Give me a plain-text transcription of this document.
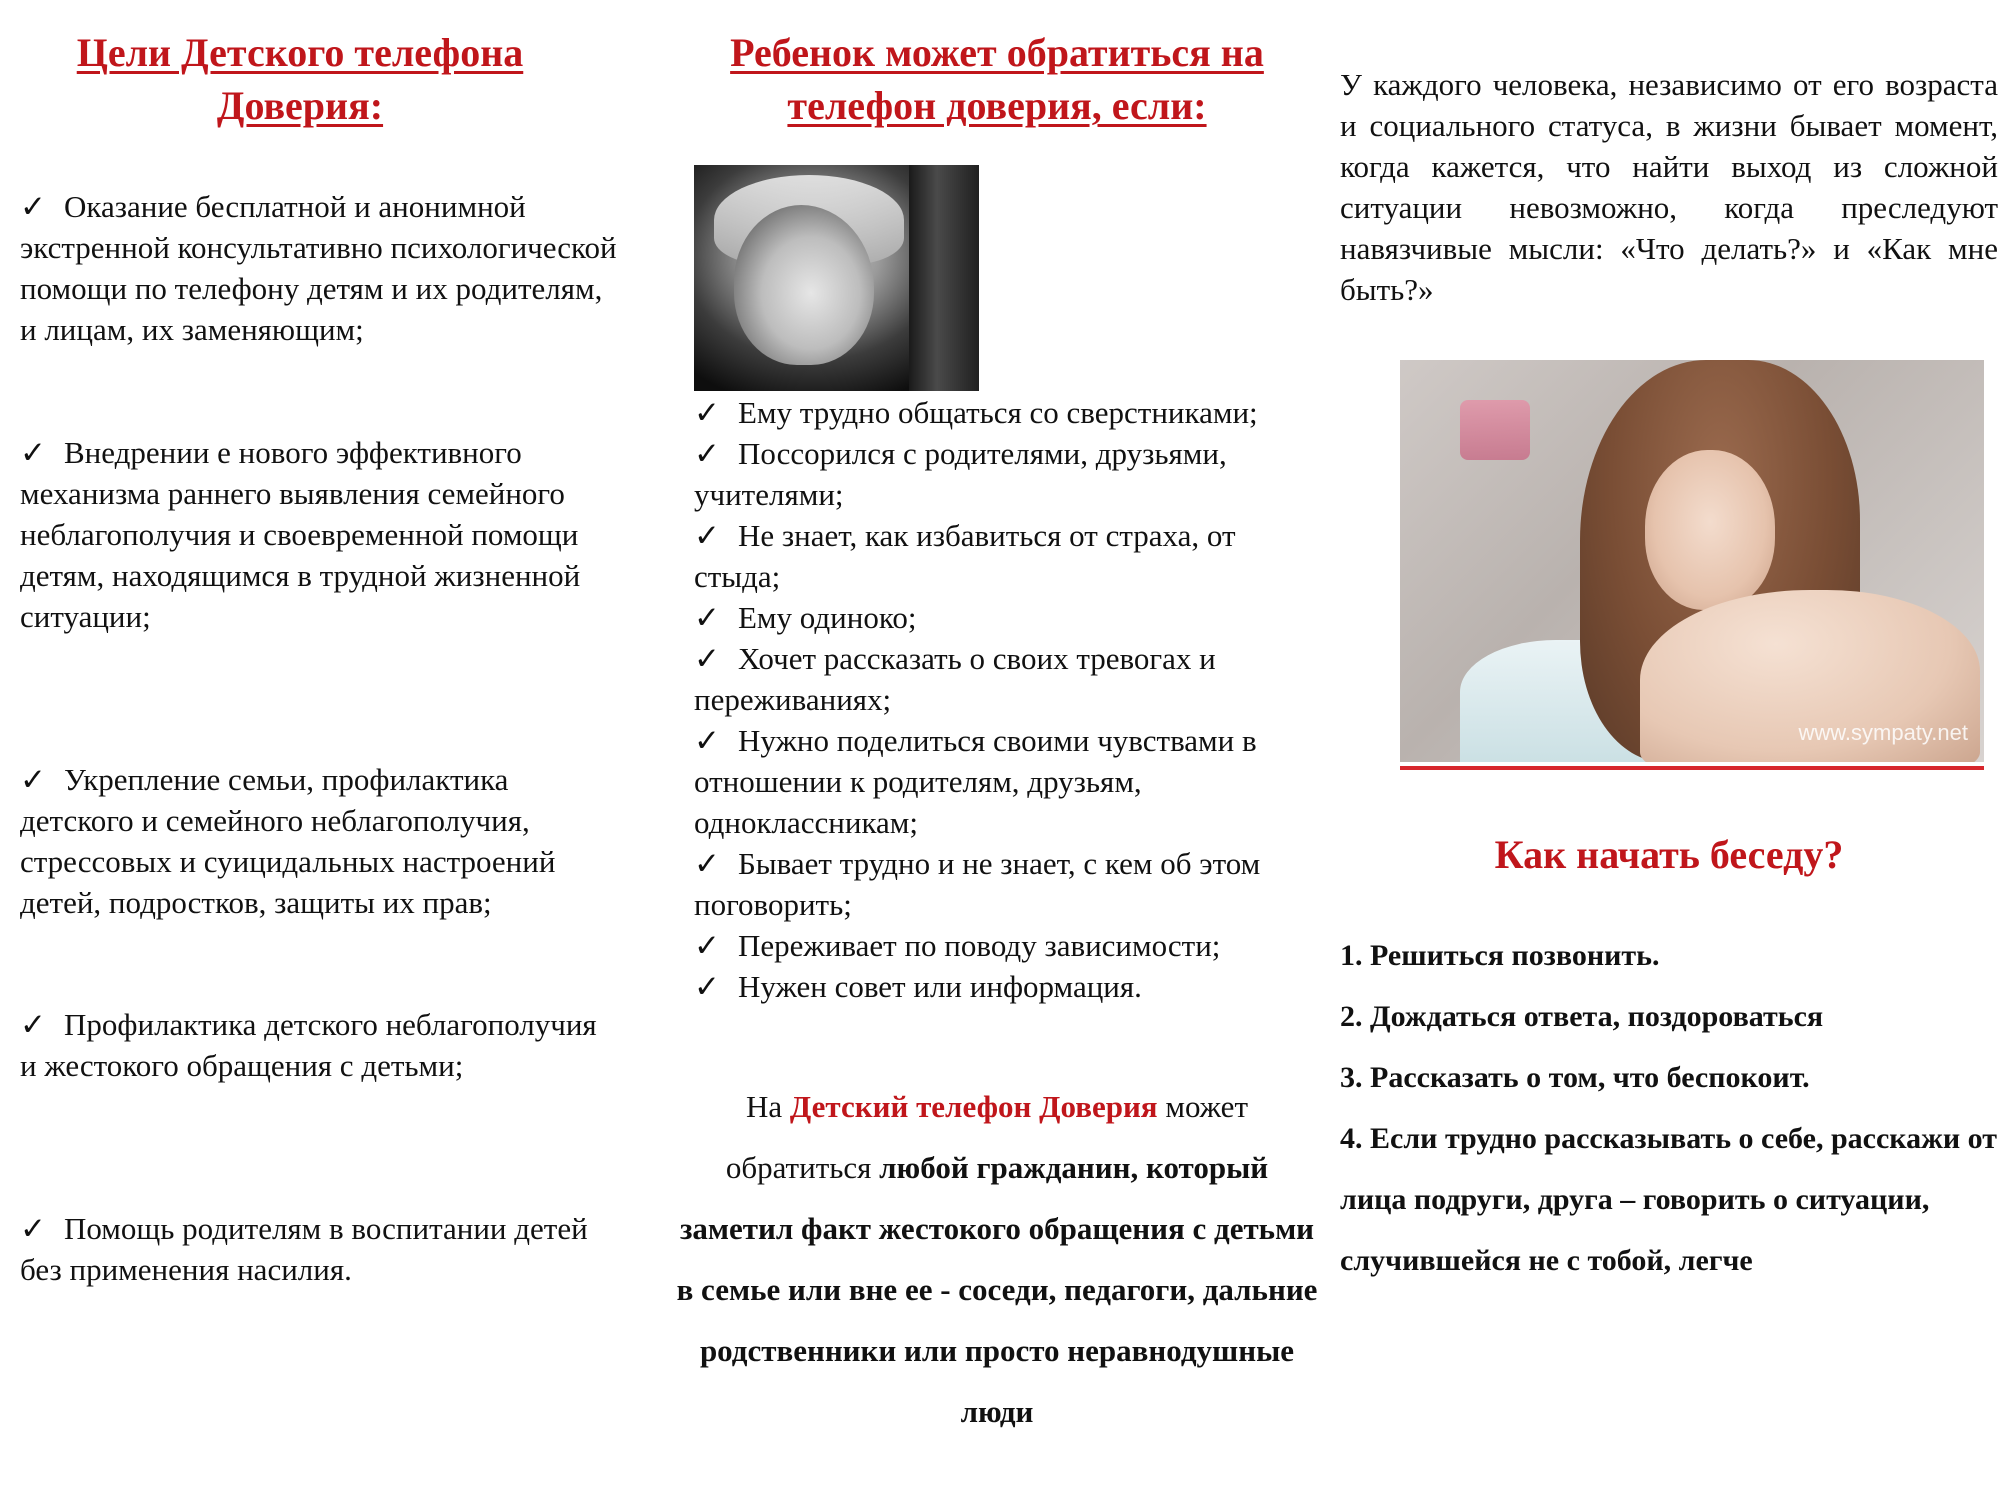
Цели Детского телефона Доверия:
✓ Оказание бесплатной и анонимной экстренной консультативно психологической помощи по телефону детям и их родителям, и лицам, их заменяющим;
✓ Внедрении е нового эффективного механизма раннего выявления семейного неблагополучия и своевременной помощи детям, находящимся в трудной жизненной ситуации;
✓ Укрепление семьи, профилактика детского и семейного неблагополучия, стрессовых и суицидальных настроений детей, подростков, защиты их прав;
✓ Профилактика детского неблагополучия и жестокого обращения с детьми;
✓ Помощь родителям в воспитании детей без применения насилия.
Ребенок может обратиться на телефон доверия, если:
✓ Ему трудно общаться со сверстниками;
✓ Поссорился с родителями, друзьями, учителями;
✓ Не знает, как избавиться от страха, от стыда;
✓ Ему одиноко;
✓ Хочет рассказать о своих тревогах и переживаниях;
✓ Нужно поделиться своими чувствами в отношении к родителям, друзьям, одноклассникам;
✓ Бывает трудно и не знает, с кем об этом поговорить;
✓ Переживает по поводу зависимости;
✓ Нужен совет или информация.
На Детский телефон Доверия может обратиться любой гражданин, который заметил факт жестокого обращения с детьми в семье или вне ее - соседи, педагоги, дальние родственники или просто неравнодушные люди
У каждого человека, независимо от его возраста и социального статуса, в жизни бывает момент, когда кажется, что найти выход из сложной ситуации невозможно, когда преследуют навязчивые мысли: «Что делать?» и «Как мне быть?»
www.sympaty.net
Как начать беседу?
1. Решиться позвонить.
2. Дождаться ответа, поздороваться
3. Рассказать о том, что беспокоит.
4. Если трудно рассказывать о себе, расскажи от лица подруги, друга – говорить о ситуации, случившейся не с тобой, легче
